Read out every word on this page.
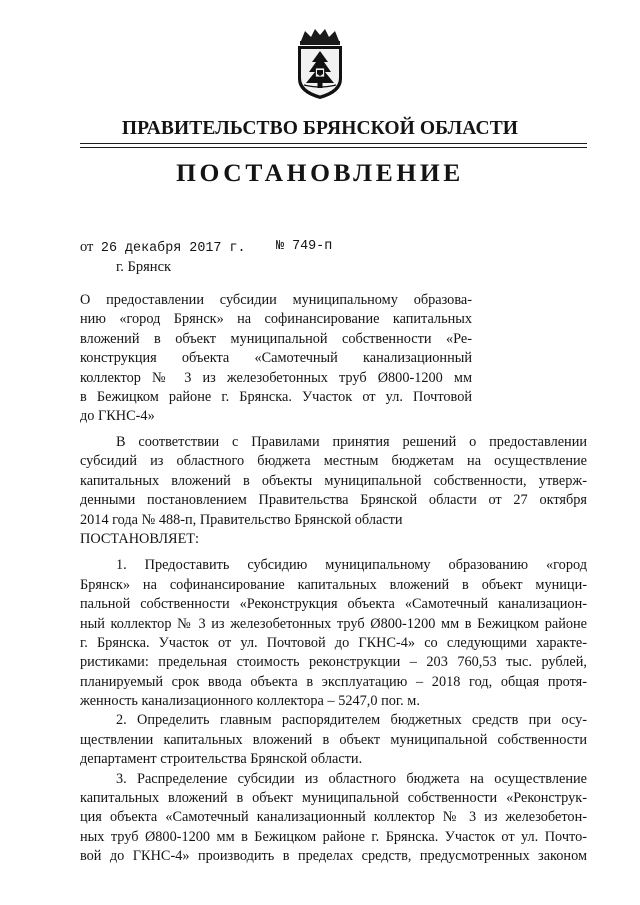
ПРАВИТЕЛЬСТВО БРЯНСКОЙ ОБЛАСТИ
ПОСТАНОВЛЕНИЕ
от 26 декабря 2017 г. № 749-п
г. Брянск
О предоставлении субсидии муниципальному образова-
нию «город Брянск» на софинансирование капитальных
вложений в объект муниципальной собственности «Ре-
конструкция объекта «Самотечный канализационный
коллектор № 3 из железобетонных труб Ø800-1200 мм
в Бежицком районе г. Брянска. Участок от ул. Почтовой
до ГКНС-4»
В соответствии с Правилами принятия решений о предоставлении
субсидий из областного бюджета местным бюджетам на осуществление
капитальных вложений в объекты муниципальной собственности, утверж-
денными постановлением Правительства Брянской области от 27 октября
2014 года № 488-п, Правительство Брянской области
ПОСТАНОВЛЯЕТ:
1. Предоставить субсидию муниципальному образованию «город
Брянск» на софинансирование капитальных вложений в объект муници-
пальной собственности «Реконструкция объекта «Самотечный канализацион-
ный коллектор № 3 из железобетонных труб Ø800-1200 мм в Бежицком районе
г. Брянска. Участок от ул. Почтовой до ГКНС-4» со следующими характе-
ристиками: предельная стоимость реконструкции – 203 760,53 тыс. рублей,
планируемый срок ввода объекта в эксплуатацию – 2018 год, общая протя-
женность канализационного коллектора – 5247,0 пог. м.
2. Определить главным распорядителем бюджетных средств при осу-
ществлении капитальных вложений в объект муниципальной собственности
департамент строительства Брянской области.
3. Распределение субсидии из областного бюджета на осуществление
капитальных вложений в объект муниципальной собственности «Реконструк-
ция объекта «Самотечный канализационный коллектор № 3 из железобетон-
ных труб Ø800-1200 мм в Бежицком районе г. Брянска. Участок от ул. Почто-
вой до ГКНС-4» производить в пределах средств, предусмотренных законом
